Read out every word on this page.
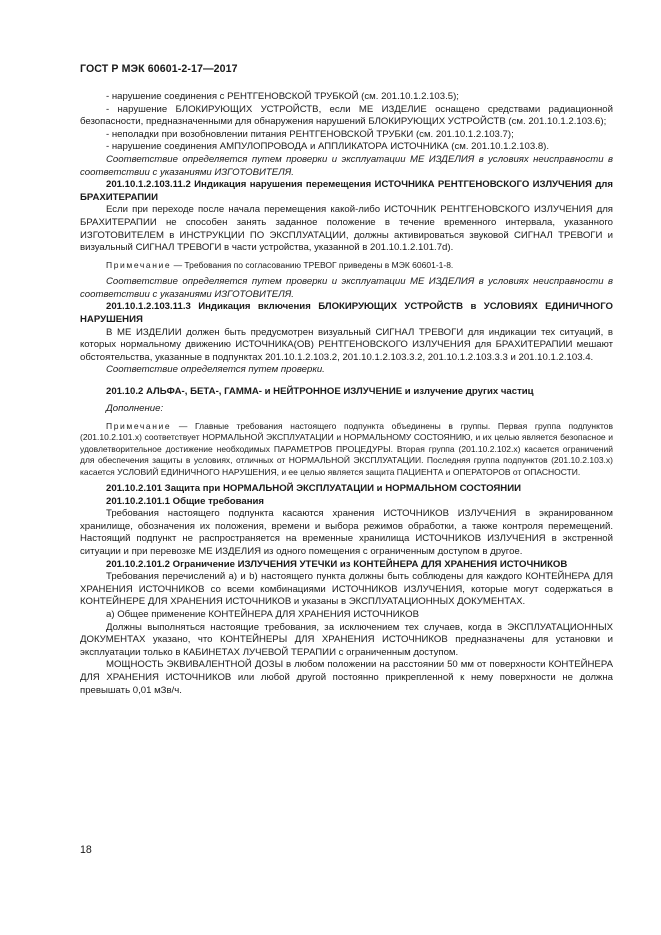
ГОСТ Р МЭК 60601-2-17—2017

- нарушение соединения с РЕНТГЕНОВСКОЙ ТРУБКОЙ (см. 201.10.1.2.103.5);

- нарушение БЛОКИРУЮЩИХ УСТРОЙСТВ, если МЕ ИЗДЕЛИЕ оснащено средствами радиационной безопасности, предназначенными для обнаружения нарушений БЛОКИРУЮЩИХ УСТРОЙСТВ (см. 201.10.1.2.103.6);

- неполадки при возобновлении питания РЕНТГЕНОВСКОЙ ТРУБКИ (см. 201.10.1.2.103.7);

- нарушение соединения АМПУЛОПРОВОДА и АППЛИКАТОРА ИСТОЧНИКА (см. 201.10.1.2.103.8).

Соответствие определяется путем проверки и эксплуатации МЕ ИЗДЕЛИЯ в условиях неисправности в соответствии с указаниями ИЗГОТОВИТЕЛЯ.

201.10.1.2.103.11.2 Индикация нарушения перемещения ИСТОЧНИКА РЕНТГЕНОВСКОГО ИЗЛУЧЕНИЯ для БРАХИТЕРАПИИ

Если при переходе после начала перемещения какой-либо ИСТОЧНИК РЕНТГЕНОВСКОГО ИЗЛУЧЕНИЯ для БРАХИТЕРАПИИ не способен занять заданное положение в течение временного интервала, указанного ИЗГОТОВИТЕЛЕМ в ИНСТРУКЦИИ ПО ЭКСПЛУАТАЦИИ, должны активироваться звуковой СИГНАЛ ТРЕВОГИ и визуальный СИГНАЛ ТРЕВОГИ в части устройства, указанной в 201.10.1.2.101.7d).

Примечание — Требования по согласованию ТРЕВОГ приведены в МЭК 60601-1-8.

Соответствие определяется путем проверки и эксплуатации МЕ ИЗДЕЛИЯ в условиях неисправности в соответствии с указаниями ИЗГОТОВИТЕЛЯ.

201.10.1.2.103.11.3 Индикация включения БЛОКИРУЮЩИХ УСТРОЙСТВ в УСЛОВИЯХ ЕДИНИЧНОГО НАРУШЕНИЯ

В МЕ ИЗДЕЛИИ должен быть предусмотрен визуальный СИГНАЛ ТРЕВОГИ для индикации тех ситуаций, в которых нормальному движению ИСТОЧНИКА(ОВ) РЕНТГЕНОВСКОГО ИЗЛУЧЕНИЯ для БРАХИТЕРАПИИ мешают обстоятельства, указанные в подпунктах 201.10.1.2.103.2, 201.10.1.2.103.3.2, 201.10.1.2.103.3.3 и 201.10.1.2.103.4.

Соответствие определяется путем проверки.

201.10.2 АЛЬФА-, БЕТА-, ГАММА- и НЕЙТРОННОЕ ИЗЛУЧЕНИЕ и излучение других частиц

Дополнение:

Примечание — Главные требования настоящего подпункта объединены в группы. Первая группа подпунктов (201.10.2.101.х) соответствует НОРМАЛЬНОЙ ЭКСПЛУАТАЦИИ и НОРМАЛЬНОМУ СОСТОЯНИЮ, и их целью является безопасное и удовлетворительное достижение необходимых ПАРАМЕТРОВ ПРОЦЕДУРЫ. Вторая группа (201.10.2.102.х) касается ограничений для обеспечения защиты в условиях, отличных от НОРМАЛЬНОЙ ЭКСПЛУАТАЦИИ. Последняя группа подпунктов (201.10.2.103.х) касается УСЛОВИЙ ЕДИНИЧНОГО НАРУШЕНИЯ, и ее целью является защита ПАЦИЕНТА и ОПЕРАТОРОВ от ОПАСНОСТИ.

201.10.2.101 Защита при НОРМАЛЬНОЙ ЭКСПЛУАТАЦИИ и НОРМАЛЬНОМ СОСТОЯНИИ

201.10.2.101.1 Общие требования

Требования настоящего подпункта касаются хранения ИСТОЧНИКОВ ИЗЛУЧЕНИЯ в экранированном хранилище, обозначения их положения, времени и выбора режимов обработки, а также контроля перемещений. Настоящий подпункт не распространяется на временные хранилища ИСТОЧНИКОВ ИЗЛУЧЕНИЯ в экстренной ситуации и при перевозке МЕ ИЗДЕЛИЯ из одного помещения с ограниченным доступом в другое.

201.10.2.101.2 Ограничение ИЗЛУЧЕНИЯ УТЕЧКИ из КОНТЕЙНЕРА ДЛЯ ХРАНЕНИЯ ИСТОЧНИКОВ

Требования перечислений а) и b) настоящего пункта должны быть соблюдены для каждого КОНТЕЙНЕРА ДЛЯ ХРАНЕНИЯ ИСТОЧНИКОВ со всеми комбинациями ИСТОЧНИКОВ ИЗЛУЧЕНИЯ, которые могут содержаться в КОНТЕЙНЕРЕ ДЛЯ ХРАНЕНИЯ ИСТОЧНИКОВ и указаны в ЭКСПЛУАТАЦИОННЫХ ДОКУМЕНТАХ.

а) Общее применение КОНТЕЙНЕРА ДЛЯ ХРАНЕНИЯ ИСТОЧНИКОВ

Должны выполняться настоящие требования, за исключением тех случаев, когда в ЭКСПЛУАТАЦИОННЫХ ДОКУМЕНТАХ указано, что КОНТЕЙНЕРЫ ДЛЯ ХРАНЕНИЯ ИСТОЧНИКОВ предназначены для установки и эксплуатации только в КАБИНЕТАХ ЛУЧЕВОЙ ТЕРАПИИ с ограниченным доступом.

МОЩНОСТЬ ЭКВИВАЛЕНТНОЙ ДОЗЫ в любом положении на расстоянии 50 мм от поверхности КОНТЕЙНЕРА ДЛЯ ХРАНЕНИЯ ИСТОЧНИКОВ или любой другой постоянно прикрепленной к нему поверхности не должна превышать 0,01 мЗв/ч.

18
